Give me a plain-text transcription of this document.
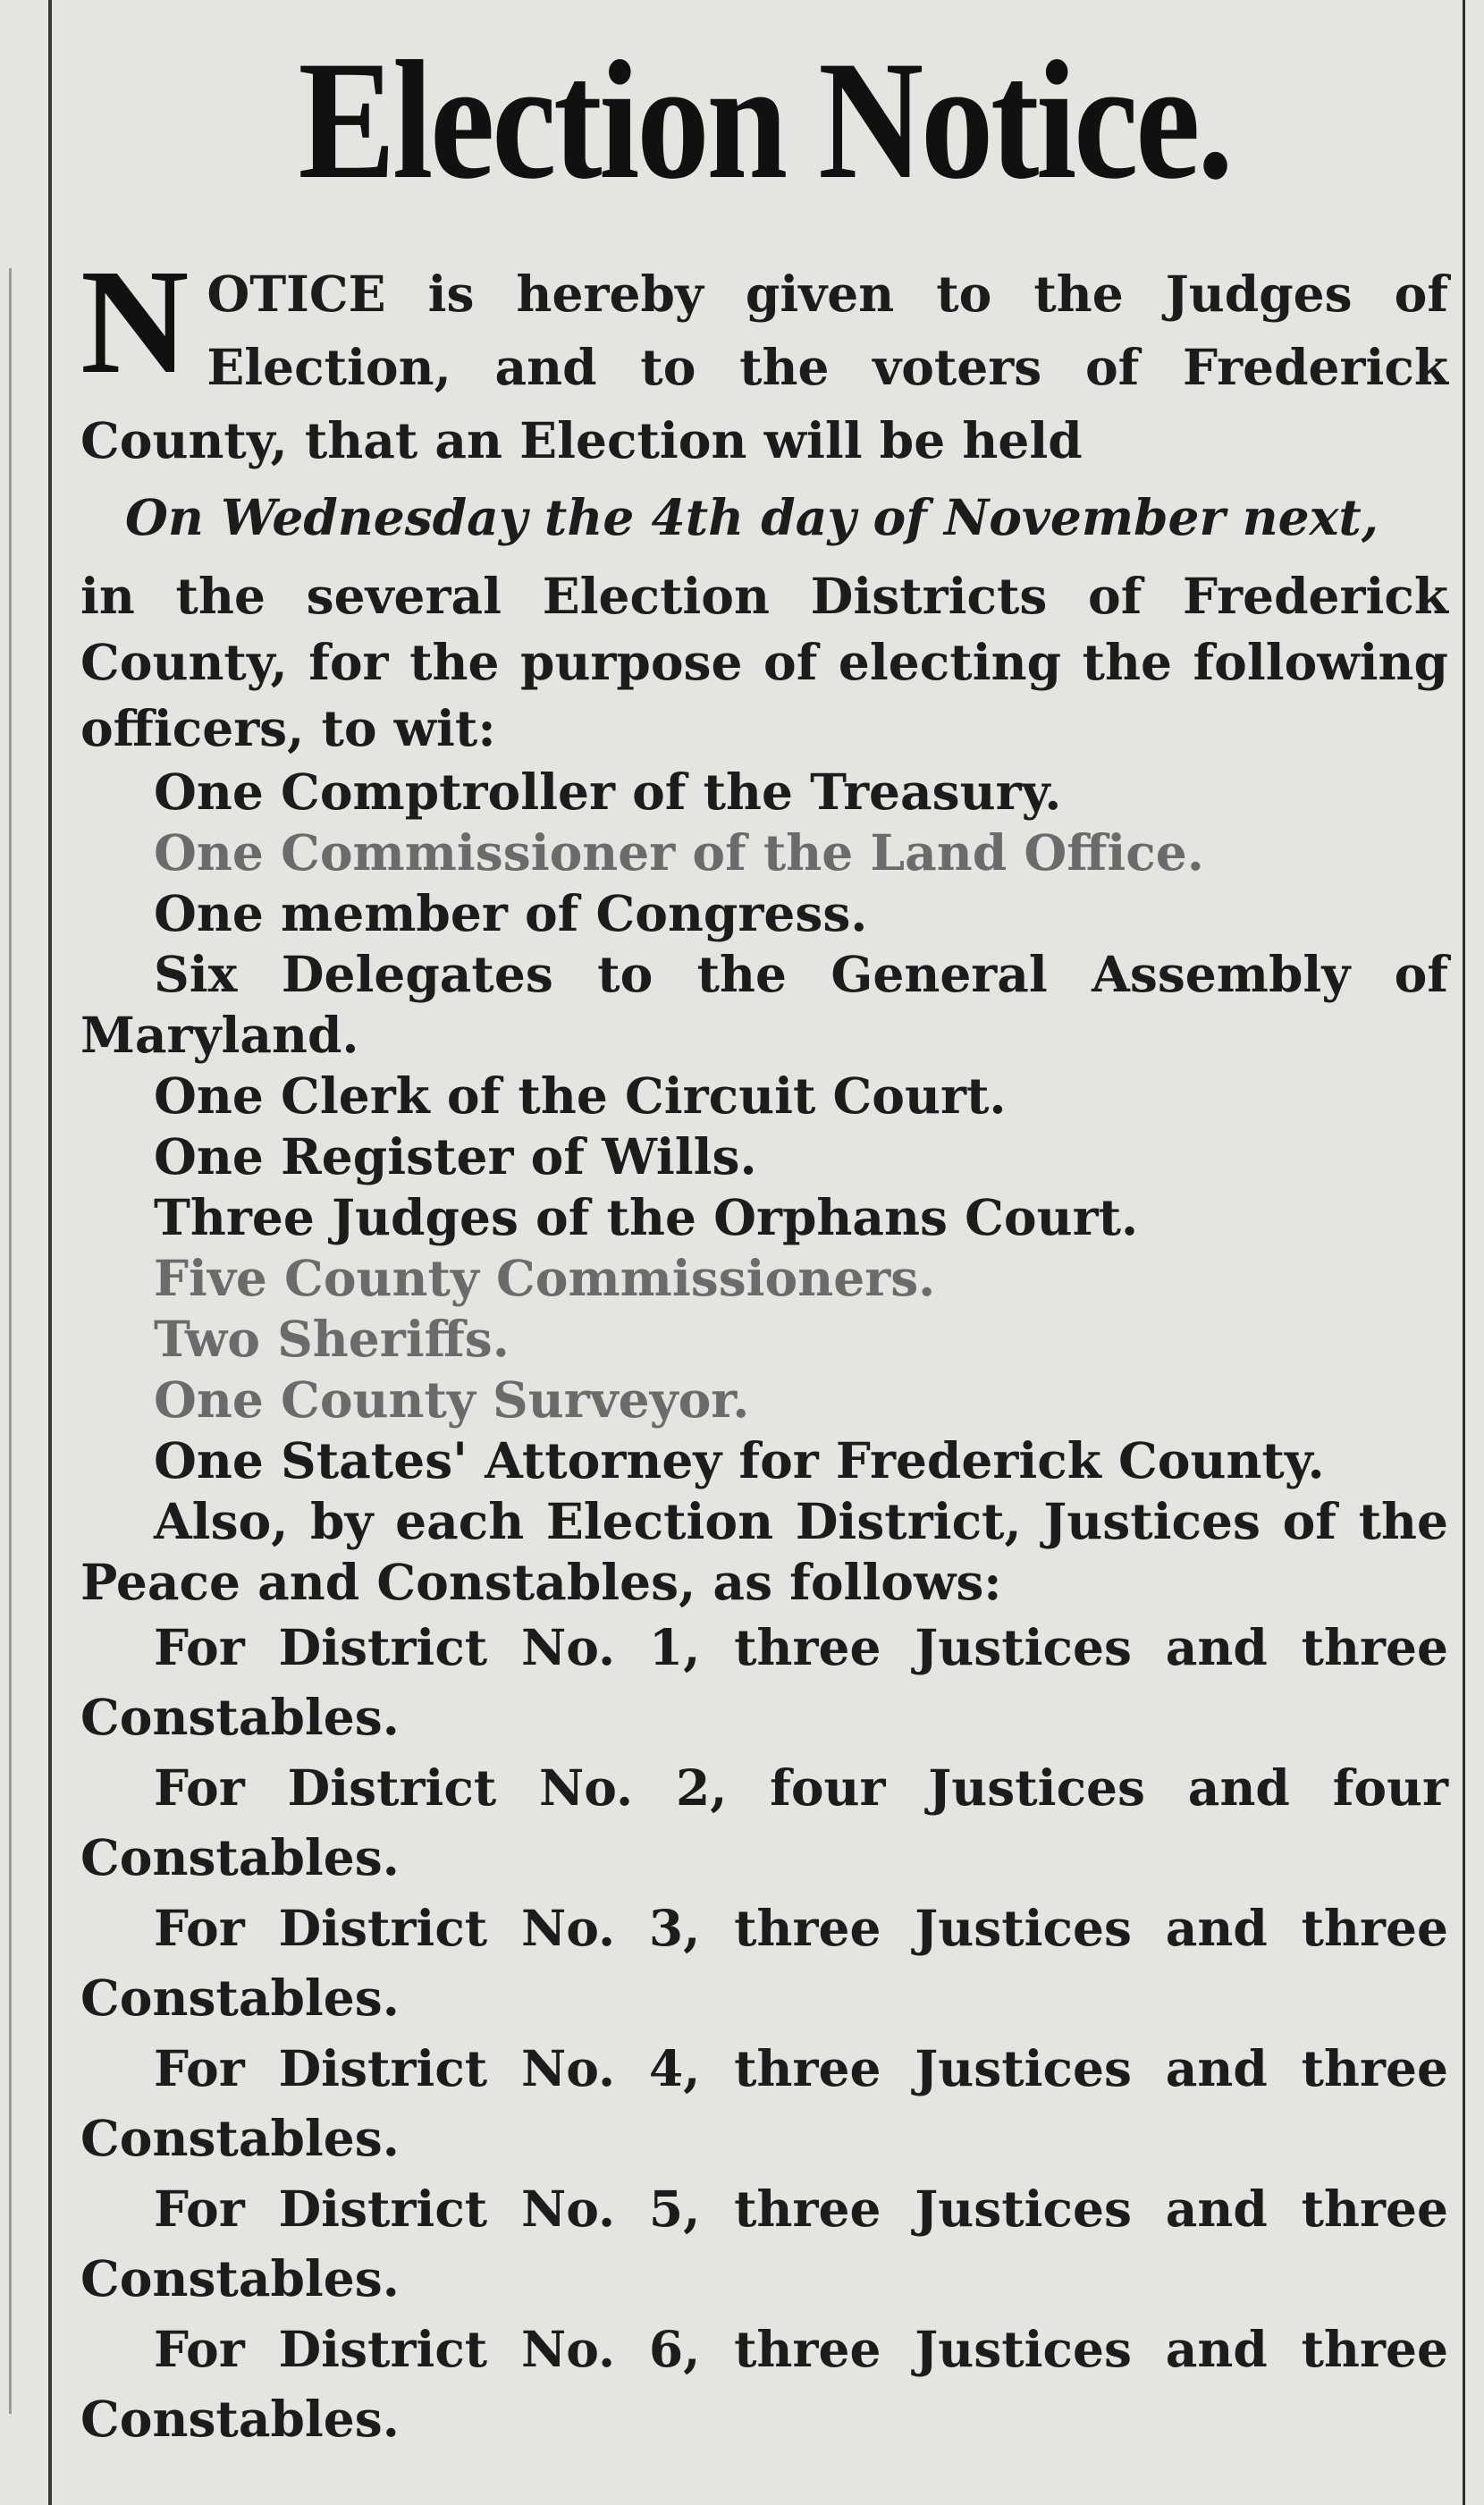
Election Notice.
N OTICE is hereby given to the Judges of Election, and to the voters of Frederick County, that an Election will be held
On Wednesday the 4th day of November next,
in the several Election Districts of Frederick County, for the purpose of electing the following officers, to wit:
One Comptroller of the Treasury.
One Commissioner of the Land Office.
One member of Congress.
Six Delegates to the General Assembly of Maryland.
One Clerk of the Circuit Court.
One Register of Wills.
Three Judges of the Orphans Court.
Five County Commissioners.
Two Sheriffs.
One County Surveyor.
One States' Attorney for Frederick County.
Also, by each Election District, Justices of the Peace and Constables, as follows:
For District No. 1, three Justices and three Constables.
For District No. 2, four Justices and four Constables.
For District No. 3, three Justices and three Constables.
For District No. 4, three Justices and three Constables.
For District No. 5, three Justices and three Constables.
For District No. 6, three Justices and three Constables.
